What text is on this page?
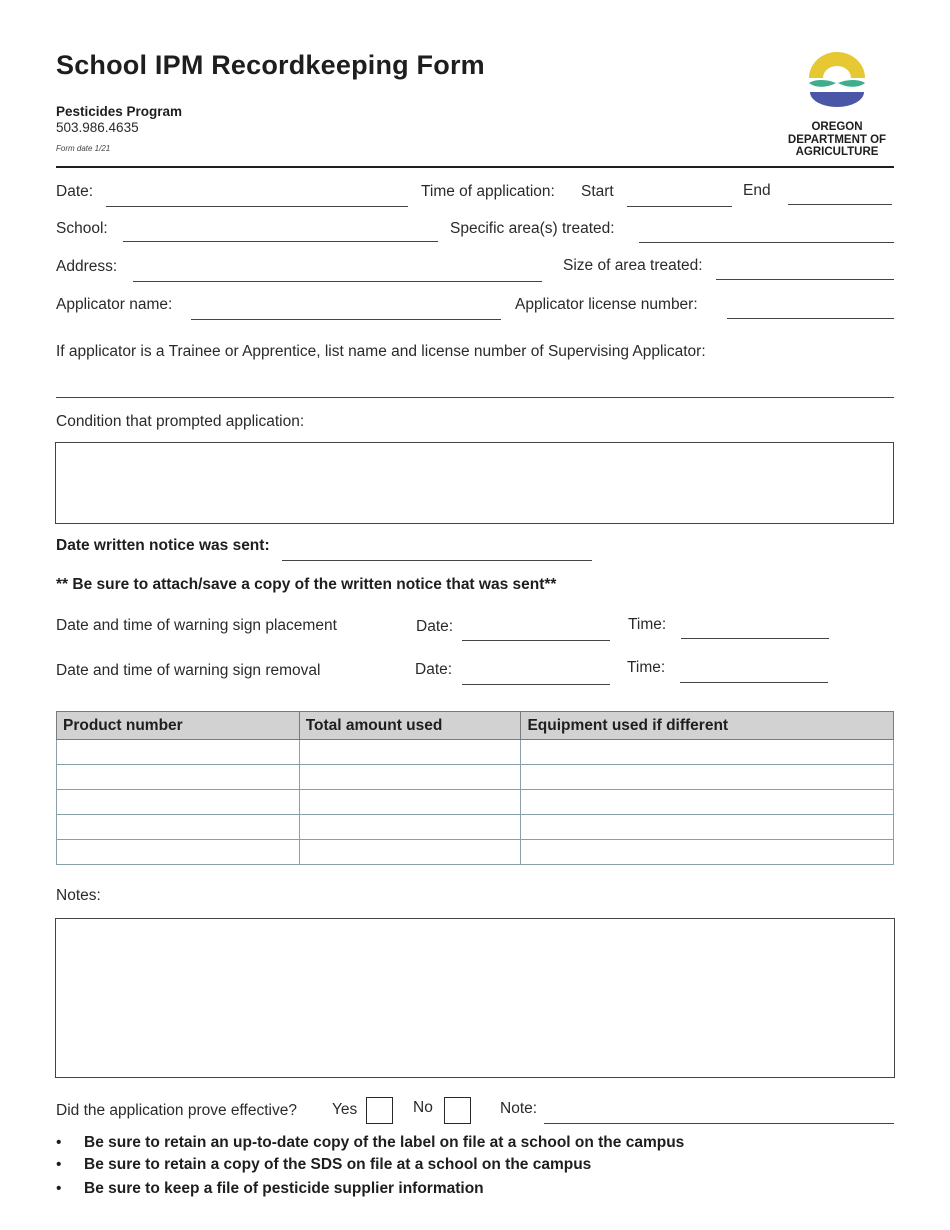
School IPM Recordkeeping Form
Pesticides Program
503.986.4635
Form date 1/21
OREGON
DEPARTMENT OF
AGRICULTURE
Date:	Time of application: Start	End
School:	Specific area(s) treated:
Address:	Size of area treated:
Applicator name:	Applicator license number:
If applicator is a Trainee or Apprentice, list name and license number of Supervising Applicator:
Condition that prompted application:
Date written notice was sent:
** Be sure to attach/save a copy of the written notice that was sent**
Date and time of warning sign placement	Date:	Time:
Date and time of warning sign removal	Date:	Time:
Product number	Total amount used	Equipment used if different

Notes:
Did the application prove effective? Yes	No	Note:
• Be sure to retain an up-to-date copy of the label on file at a school on the campus
• Be sure to retain a copy of the SDS on file at a school on the campus
• Be sure to keep a file of pesticide supplier information
